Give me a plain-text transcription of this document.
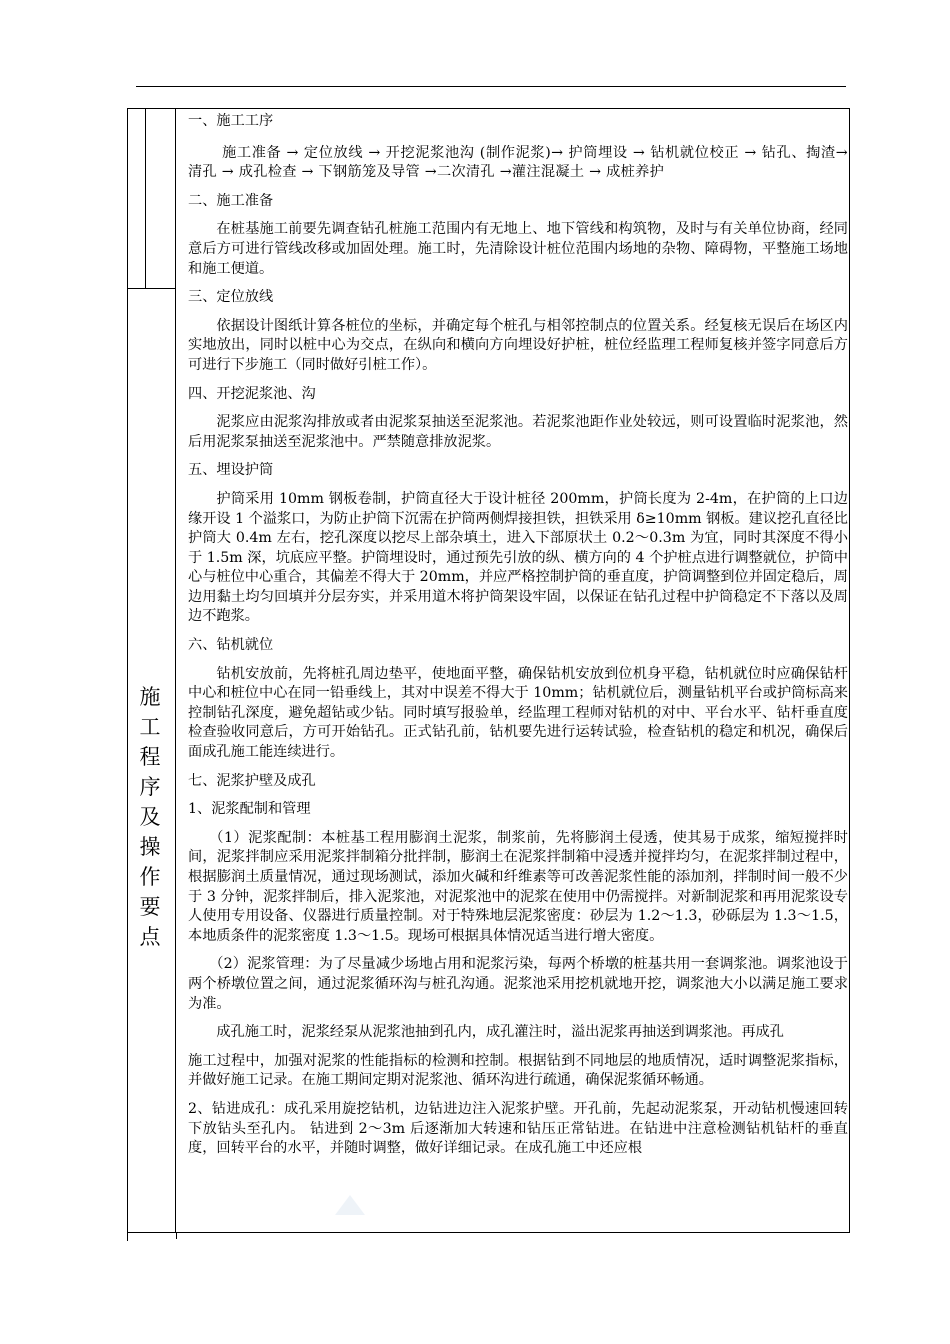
施
工
程
序
及
操
作
要
点

一、施工工序

施工准备 → 定位放线 → 开挖泥浆池沟 (制作泥浆)→ 护筒埋设 → 钻机就位校正 → 钻孔、掏渣→ 清孔 → 成孔检查 → 下钢筋笼及导管 →二次清孔 →灌注混凝土 → 成桩养护

二、施工准备

在桩基施工前要先调查钻孔桩施工范围内有无地上、地下管线和构筑物，及时与有关单位协商，经同意后方可进行管线改移或加固处理。施工时，先清除设计桩位范围内场地的杂物、障碍物，平整施工场地和施工便道。

三、定位放线

依据设计图纸计算各桩位的坐标，并确定每个桩孔与相邻控制点的位置关系。经复核无误后在场区内实地放出，同时以桩中心为交点，在纵向和横向方向埋设好护桩，桩位经监理工程师复核并签字同意后方可进行下步施工（同时做好引桩工作）。

四、开挖泥浆池、沟

泥浆应由泥浆沟排放或者由泥浆泵抽送至泥浆池。若泥浆池距作业处较远，则可设置临时泥浆池，然后用泥浆泵抽送至泥浆池中。严禁随意排放泥浆。

五、埋设护筒

护筒采用 10mm 钢板卷制，护筒直径大于设计桩径 200mm，护筒长度为 2-4m，在护筒的上口边缘开设 1 个溢浆口，为防止护筒下沉需在护筒两侧焊接担铁，担铁采用 δ≥10mm 钢板。建议挖孔直径比护筒大 0.4m 左右，挖孔深度以挖尽上部杂填土，进入下部原状土 0.2～0.3m 为宜，同时其深度不得小于 1.5m 深，坑底应平整。护筒埋设时，通过预先引放的纵、横方向的 4 个护桩点进行调整就位，护筒中心与桩位中心重合，其偏差不得大于 20mm，并应严格控制护筒的垂直度，护筒调整到位并固定稳后，周边用黏土均匀回填并分层夯实，并采用道木将护筒架设牢固，以保证在钻孔过程中护筒稳定不下落以及周边不跑浆。

六、钻机就位

钻机安放前，先将桩孔周边垫平，使地面平整，确保钻机安放到位机身平稳，钻机就位时应确保钻杆中心和桩位中心在同一铅垂线上，其对中误差不得大于 10mm；钻机就位后，测量钻机平台或护筒标高来控制钻孔深度，避免超钻或少钻。同时填写报验单，经监理工程师对钻机的对中、平台水平、钻杆垂直度检查验收同意后，方可开始钻孔。正式钻孔前，钻机要先进行运转试验，检查钻机的稳定和机况，确保后面成孔施工能连续进行。

七、泥浆护壁及成孔

1、泥浆配制和管理

（1）泥浆配制：本桩基工程用膨润土泥浆，制浆前，先将膨润土侵透，使其易于成浆，缩短搅拌时间，泥浆拌制应采用泥浆拌制箱分批拌制，膨润土在泥浆拌制箱中浸透并搅拌均匀，在泥浆拌制过程中，根据膨润土质量情况，通过现场测试，添加火碱和纤维素等可改善泥浆性能的添加剂，拌制时间一般不少于 3 分钟，泥浆拌制后，排入泥浆池，对泥浆池中的泥浆在使用中仍需搅拌。对新制泥浆和再用泥浆设专人使用专用设备、仪器进行质量控制。对于特殊地层泥浆密度：砂层为 1.2～1.3，砂砾层为 1.3～1.5，本地质条件的泥浆密度 1.3～1.5。现场可根据具体情况适当进行增大密度。

（2）泥浆管理：为了尽量减少场地占用和泥浆污染，每两个桥墩的桩基共用一套调浆池。调浆池设于两个桥墩位置之间，通过泥浆循环沟与桩孔沟通。泥浆池采用挖机就地开挖，调浆池大小以满足施工要求为准。

成孔施工时，泥浆经泵从泥浆池抽到孔内，成孔灌注时，溢出泥浆再抽送到调浆池。再成孔

施工过程中，加强对泥浆的性能指标的检测和控制。根据钻到不同地层的地质情况，适时调整泥浆指标，并做好施工记录。在施工期间定期对泥浆池、循环沟进行疏通，确保泥浆循环畅通。

2、钻进成孔：成孔采用旋挖钻机，边钻进边注入泥浆护壁。开孔前，先起动泥浆泵，开动钻机慢速回转下放钻头至孔内。 钻进到 2～3m 后逐渐加大转速和钻压正常钻进。在钻进中注意检测钻机钻杆的垂直度，回转平台的水平，并随时调整，做好详细记录。在成孔施工中还应根
